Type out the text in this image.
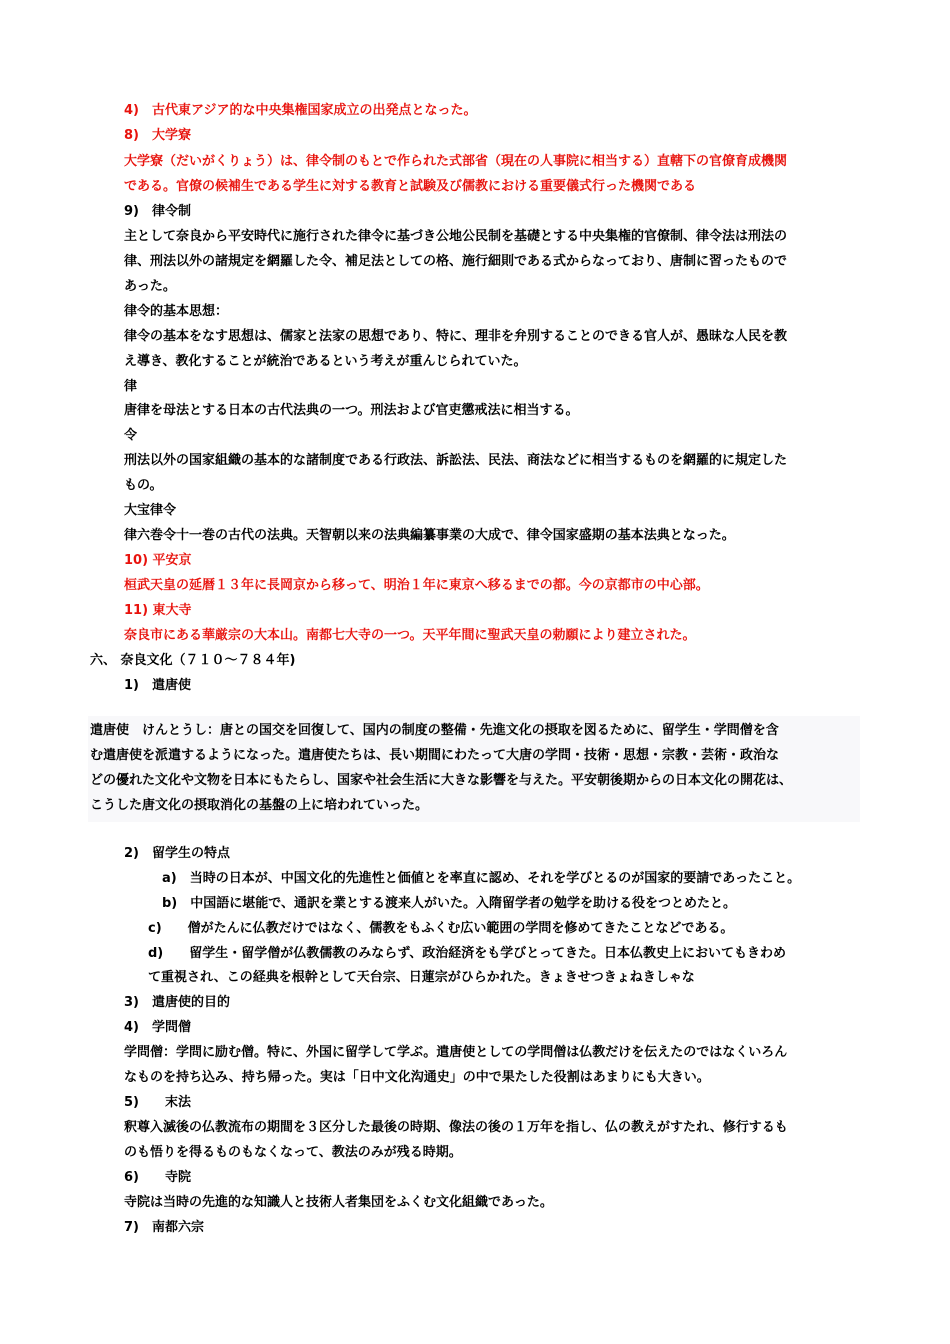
4)　古代東アジア的な中央集権国家成立の出発点となった。
8)　大学寮
大学寮（だいがくりょう）は、律令制のもとで作られた式部省（現在の人事院に相当する）直轄下の官僚育成機関
である。官僚の候補生である学生に対する教育と試験及び儒教における重要儀式行った機関である
9)　律令制
主として奈良から平安時代に施行された律令に基づき公地公民制を基礎とする中央集権的官僚制、律令法は刑法の
律、刑法以外の諸規定を網羅した令、補足法としての格、施行細則である式からなっており、唐制に習ったもので
あった。
律令的基本思想：
律令の基本をなす思想は、儒家と法家の思想であり、特に、理非を弁別することのできる官人が、愚昧な人民を教
え導き、教化することが統治であるという考えが重んじられていた。
律
唐律を母法とする日本の古代法典の一つ。刑法および官吏懲戒法に相当する。
令
刑法以外の国家組織の基本的な諸制度である行政法、訴訟法、民法、商法などに相当するものを網羅的に規定した
もの。
大宝律令
律六巻令十一巻の古代の法典。天智朝以来の法典編纂事業の大成で、律令国家盛期の基本法典となった。
10) 平安京
桓武天皇の延暦１３年に長岡京から移って、明治１年に東京へ移るまでの都。今の京都市の中心部。
11) 東大寺
奈良市にある華厳宗の大本山。南都七大寺の一つ。天平年間に聖武天皇の勅願により建立された。
六、 奈良文化（７１０～７８４年)
1)　遣唐使
遣唐使　けんとうし：唐との国交を回復して、国内の制度の整備・先進文化の摂取を図るために、留学生・学問僧を含
む遣唐使を派遣するようになった。遣唐使たちは、長い期間にわたって大唐の学問・技術・思想・宗教・芸術・政治な
どの優れた文化や文物を日本にもたらし、国家や社会生活に大きな影響を与えた。平安朝後期からの日本文化の開花は、
こうした唐文化の摂取消化の基盤の上に培われていった。
2)　留学生の特点
a)　当時の日本が、中国文化的先進性と価値とを率直に認め、それを学びとるのが国家的要請であったこと。
b)　中国語に堪能で、通訳を業とする渡来人がいた。入隋留学者の勉学を助ける役をつとめたと。
c)　　僧がたんに仏教だけではなく、儒教をもふくむ広い範囲の学問を修めてきたことなどである。
d)　　留学生・留学僧が仏教儒教のみならず、政治経済をも学びとってきた。日本仏教史上においてもきわめ
て重視され、この経典を根幹として天台宗、日蓮宗がひらかれた。きょきせつきょねきしゃな
3)　遣唐使的目的
4)　学問僧
学問僧：学問に励む僧。特に、外国に留学して学ぶ。遣唐使としての学問僧は仏教だけを伝えたのではなくいろん
なものを持ち込み、持ち帰った。実は「日中文化沟通史」の中で果たした役割はあまりにも大きい。
5)　　末法
釈尊入滅後の仏教流布の期間を３区分した最後の時期、像法の後の１万年を指し、仏の教えがすたれ、修行するも
のも悟りを得るものもなくなって、教法のみが残る時期。
6)　　寺院
寺院は当時の先進的な知識人と技術人者集団をふくむ文化組織であった。
7)　南都六宗
